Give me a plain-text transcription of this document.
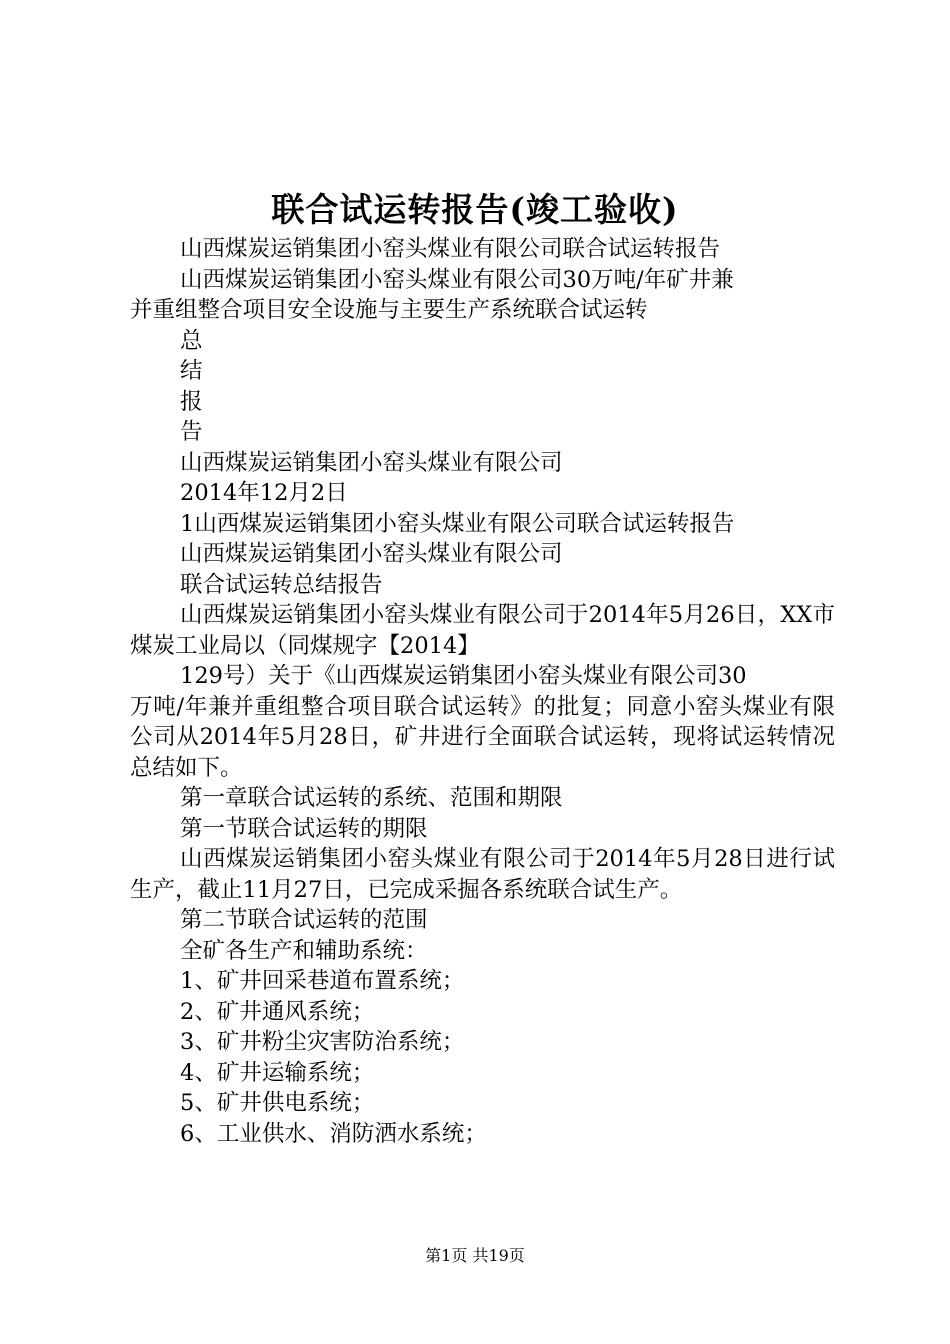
联合试运转报告(竣工验收)
山西煤炭运销集团小窑头煤业有限公司联合试运转报告
山西煤炭运销集团小窑头煤业有限公司30万吨/年矿井兼
并重组整合项目安全设施与主要生产系统联合试运转
总
结
报
告
山西煤炭运销集团小窑头煤业有限公司
2014年12月2日
1山西煤炭运销集团小窑头煤业有限公司联合试运转报告
山西煤炭运销集团小窑头煤业有限公司
联合试运转总结报告
山西煤炭运销集团小窑头煤业有限公司于2014年5月26日，XX市煤炭工业局以（同煤规字【2014】
129号）关于《山西煤炭运销集团小窑头煤业有限公司30
万吨/年兼并重组整合项目联合试运转》的批复；同意小窑头煤业有限公司从2014年5月28日，矿井进行全面联合试运转，现将试运转情况总结如下。
第一章联合试运转的系统、范围和期限
第一节联合试运转的期限
山西煤炭运销集团小窑头煤业有限公司于2014年5月28日进行试生产，截止11月27日，已完成采掘各系统联合试生产。
第二节联合试运转的范围
全矿各生产和辅助系统：
1、矿井回采巷道布置系统；
2、矿井通风系统；
3、矿井粉尘灾害防治系统；
4、矿井运输系统；
5、矿井供电系统；
6、工业供水、消防洒水系统；
第1页 共19页
